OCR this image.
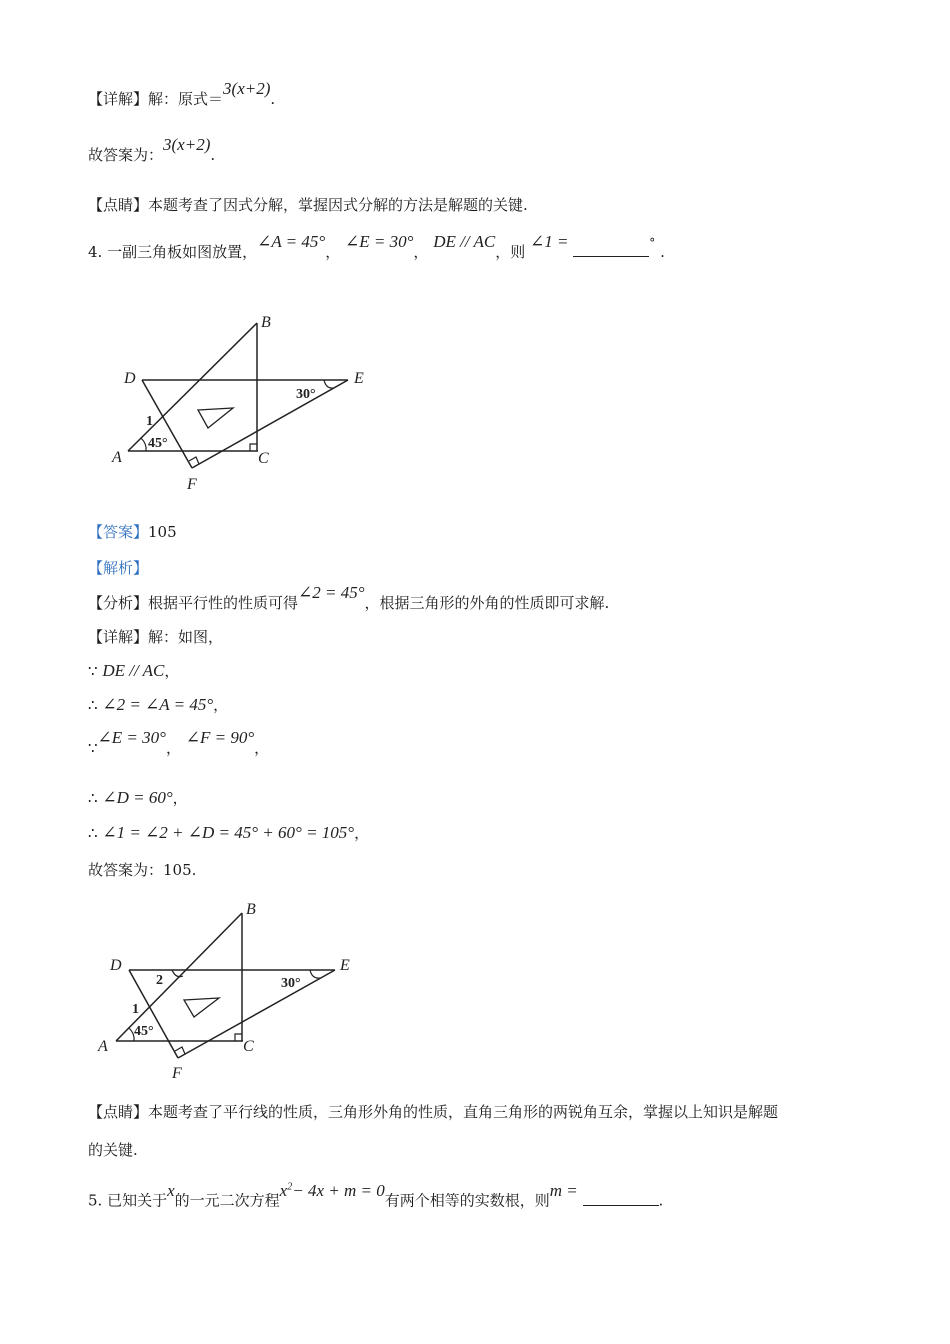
【详解】解：原式＝3(x+2).
故答案为：3(x+2).
【点睛】本题考查了因式分解，掌握因式分解的方法是解题的关键.
4. 一副三角板如图放置，∠A = 45°， ∠E = 30°， DE // AC，则 ∠1 =	° .
B
D	E
A	C
F
1
45°
30°
【答案】105
【解析】
【分析】根据平行性的性质可得∠2 = 45°，根据三角形的外角的性质即可求解.
【详解】解：如图，
∵ DE // AC，
∴ ∠2 = ∠A = 45°，
∵∠E = 30°， ∠F = 90°，
∴ ∠D = 60°，
∴ ∠1 = ∠2 + ∠D = 45° + 60° = 105°，
故答案为：105.
B
D	E
A	C
F
2
1
45°
30°
【点睛】本题考查了平行线的性质，三角形外角的性质，直角三角形的两锐角互余，掌握以上知识是解题
的关键.
5. 已知关于x的一元二次方程$x^2- 4x + m = 0$有两个相等的实数根，则m = .
